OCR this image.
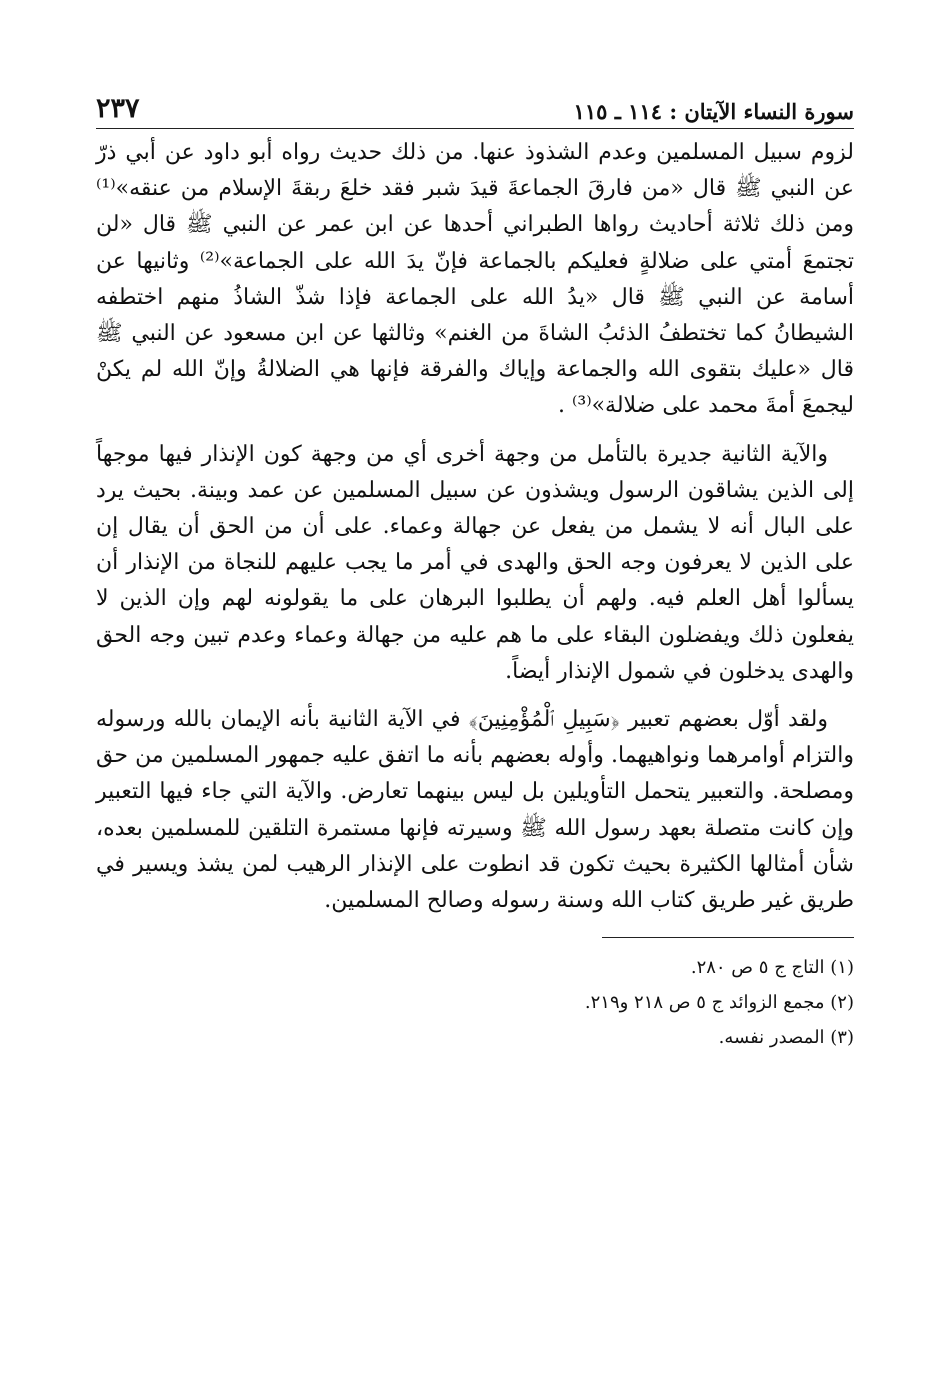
سورة النساء الآيتان : ١١٤ ـ ١١٥
٢٣٧

لزوم سبيل المسلمين وعدم الشذوذ عنها. من ذلك حديث رواه أبو داود عن أبي ذرّ عن النبي ﷺ قال «من فارقَ الجماعةَ قيدَ شبر فقد خلعَ ربقةَ الإسلام من عنقه»⁽¹⁾ ومن ذلك ثلاثة أحاديث رواها الطبراني أحدها عن ابن عمر عن النبي ﷺ قال «لن تجتمعَ أمتي على ضلالةٍ فعليكم بالجماعة فإنّ يدَ الله على الجماعة»⁽²⁾ وثانيها عن أسامة عن النبي ﷺ قال «يدُ الله على الجماعة فإذا شذّ الشاذُ منهم اختطفه الشيطانُ كما تختطفُ الذئبُ الشاةَ من الغنم» وثالثها عن ابن مسعود عن النبي ﷺ قال «عليك بتقوى الله والجماعة وإياك والفرقة فإنها هي الضلالةُ وإنّ الله لم يكنْ ليجمعَ أمةَ محمد على ضلالة»⁽³⁾ .

والآية الثانية جديرة بالتأمل من وجهة أخرى أي من وجهة كون الإنذار فيها موجهاً إلى الذين يشاقون الرسول ويشذون عن سبيل المسلمين عن عمد وبينة. بحيث يرد على البال أنه لا يشمل من يفعل عن جهالة وعماء. على أن من الحق أن يقال إن على الذين لا يعرفون وجه الحق والهدى في أمر ما يجب عليهم للنجاة من الإنذار أن يسألوا أهل العلم فيه. ولهم أن يطلبوا البرهان على ما يقولونه لهم وإن الذين لا يفعلون ذلك ويفضلون البقاء على ما هم عليه من جهالة وعماء وعدم تبين وجه الحق والهدى يدخلون في شمول الإنذار أيضاً.

ولقد أوّل بعضهم تعبير ﴿سَبِيلِ ٱلْمُؤْمِنِينَ﴾ في الآية الثانية بأنه الإيمان بالله ورسوله والتزام أوامرهما ونواهيهما. وأوله بعضهم بأنه ما اتفق عليه جمهور المسلمين من حق ومصلحة. والتعبير يتحمل التأويلين بل ليس بينهما تعارض. والآية التي جاء فيها التعبير وإن كانت متصلة بعهد رسول الله ﷺ وسيرته فإنها مستمرة التلقين للمسلمين بعده، شأن أمثالها الكثيرة بحيث تكون قد انطوت على الإنذار الرهيب لمن يشذ ويسير في طريق غير طريق كتاب الله وسنة رسوله وصالح المسلمين.

(١) التاج ج ٥ ص ٢٨٠.
(٢) مجمع الزوائد ج ٥ ص ٢١٨ و٢١٩.
(٣) المصدر نفسه.
